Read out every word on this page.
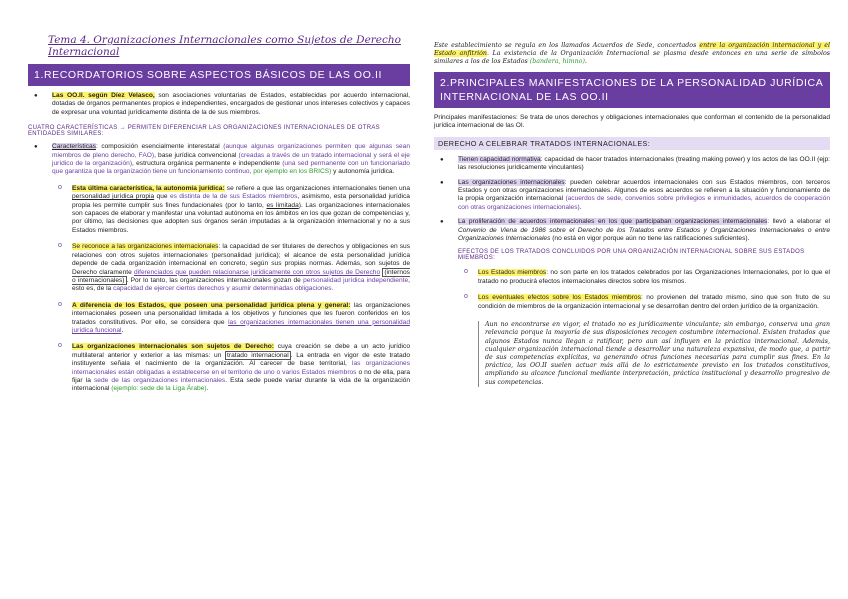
Tema 4. Organizaciones Internacionales como Sujetos de Derecho Internacional
1.RECORDATORIOS SOBRE ASPECTOS BÁSICOS DE LAS OO.II
● Las OO.II. según Díez Velasco, son asociaciones voluntarias de Estados, establecidas por acuerdo internacional, dotadas de órganos permanentes propios e independientes, encargados de gestionar unos intereses colectivos y capaces de expresar una voluntad jurídicamente distinta de la de sus miembros.
CUATRO CARACTERÍSTICAS → PERMITEN DIFERENCIAR LAS ORGANIZACIONES INTERNACIONALES DE OTRAS ENTIDADES SIMILARES:
● Características: composición esencialmente interestatal (aunque algunas organizaciones permiten que algunas sean miembros de pleno derecho, FAO), base jurídica convencional (creadas a través de un tratado internacional y será el eje jurídico de la organización), estructura orgánica permanente e independiente (una sed permanente con un funcionariado que garantiza que la organización tiene un funcionamiento continuo, por ejemplo en los BRICS) y autonomía jurídica.
o Esta última característica, la autonomía jurídica: se refiere a que las organizaciones internacionales tienen una personalidad jurídica propia que es distinta de la de sus Estados miembros, asimismo, esta personalidad jurídica propia les permite cumplir sus fines fundacionales (por lo tanto, es limitada). Las organizaciones internacionales son capaces de elaborar y manifestar una voluntad autónoma en los ámbitos en los que gozan de competencias y, por último, las decisiones que adopten sus órganos serán imputadas a la organización internacional y no a sus Estados miembros.
o Se reconoce a las organizaciones internacionales: la capacidad de ser titulares de derechos y obligaciones en sus relaciones con otros sujetos internacionales (personalidad jurídica); el alcance de esta personalidad jurídica depende de cada organización internacional en concreto, según sus propias normas. Además, son sujetos de Derecho claramente diferenciados que pueden relacionarse jurídicamente con otros sujetos de Derecho (internos o internacionales) . Por lo tanto, las organizaciones internacionales gozan de personalidad jurídica independiente, esto es, de la capacidad de ejercer ciertos derechos y asumir determinadas obligaciones.
o A diferencia de los Estados, que poseen una personalidad jurídica plena y general: las organizaciones internacionales poseen una personalidad limitada a los objetivos y funciones que les fueron conferidos en los tratados constitutivos. Por ello, se considera que las organizaciones internacionales tienen una personalidad jurídica funcional.
o Las organizaciones internacionales son sujetos de Derecho: cuya creación se debe a un acto jurídico multilateral anterior y exterior a las mismas: un tratado internacional . La entrada en vigor de este tratado instituyente señala el nacimiento de la organización. Al carecer de base territorial, las organizaciones internacionales están obligadas a establecerse en el territorio de uno o varios Estados miembros o no de ella, para fijar la sede de las organizaciones internacionales. Esta sede puede variar durante la vida de la organización internacional (ejemplo: sede de la Liga Árabe).

Este establecimiento se regula en los llamados Acuerdos de Sede, concertados entre la organización internacional y el Estado anfitrión. La existencia de la Organización Internacional se plasma desde entonces en una serie de símbolos similares a los de los Estados (bandera, himno).

2.PRINCIPALES MANIFESTACIONES DE LA PERSONALIDAD JURÍDICA INTERNACIONAL DE LAS OO.II

Principales manifestaciones: Se trata de unos derechos y obligaciones internacionales que conforman el contenido de la personalidad jurídica internacional de las OI.

DERECHO A CELEBRAR TRATADOS INTERNACIONALES:
● Tienen capacidad normativa: capacidad de hacer tratados internacionales (treating making power) y los actos de las OO.II (ejp: las resoluciones jurídicamente vinculantes)
● Las organizaciones internacionales: pueden celebrar acuerdos internacionales con sus Estados miembros, con terceros Estados y con otras organizaciones internacionales. Algunos de esos acuerdos se refieren a la situación y funcionamiento de la propia organización internacional (acuerdos de sede, convenios sobre privilegios e inmunidades, acuerdos de cooperación con otras organizaciones internacionales).
● La proliferación de acuerdos internacionales en los que participaban organizaciones internacionales: llevó a elaborar el Convenio de Viena de 1986 sobre el Derecho de los Tratados entre Estados y Organizaciones Internacionales o entre Organizaciones Internacionales (no está en vigor porque aún no tiene las ratificaciones suficientes).
EFECTOS DE LOS TRATADOS CONCLUIDOS POR UNA ORGANIZACIÓN INTERNACIONAL SOBRE SUS ESTADOS MIEMBROS:
o Los Estados miembros: no son parte en los tratados celebrados por las Organizaciones Internacionales, por lo que el tratado no producirá efectos internacionales directos sobre los mismos.
o Los eventuales efectos sobre los Estados miembros: no provienen del tratado mismo, sino que son fruto de su condición de miembros de la organización internacional y se desarrollan dentro del orden jurídico de la organización.
Aun no encontrarse en vigor, el tratado no es jurídicamente vinculante; sin embargo, conserva una gran relevancia porque la mayoría de sus disposiciones recogen costumbre internacional. Existen tratados que algunos Estados nunca llegan a ratificar, pero aun así influyen en la práctica internacional. Además, cualquier organización internacional tiende a desarrollar una naturaleza expansiva, de modo que, a partir de sus competencias explícitas, va generando otras funciones necesarias para cumplir sus fines. En la práctica, las OO.II suelen actuar más allá de lo estrictamente previsto en los tratados constitutivos, ampliando su alcance funcional mediante interpretación, práctica institucional y desarrollo progresivo de sus competencias.
